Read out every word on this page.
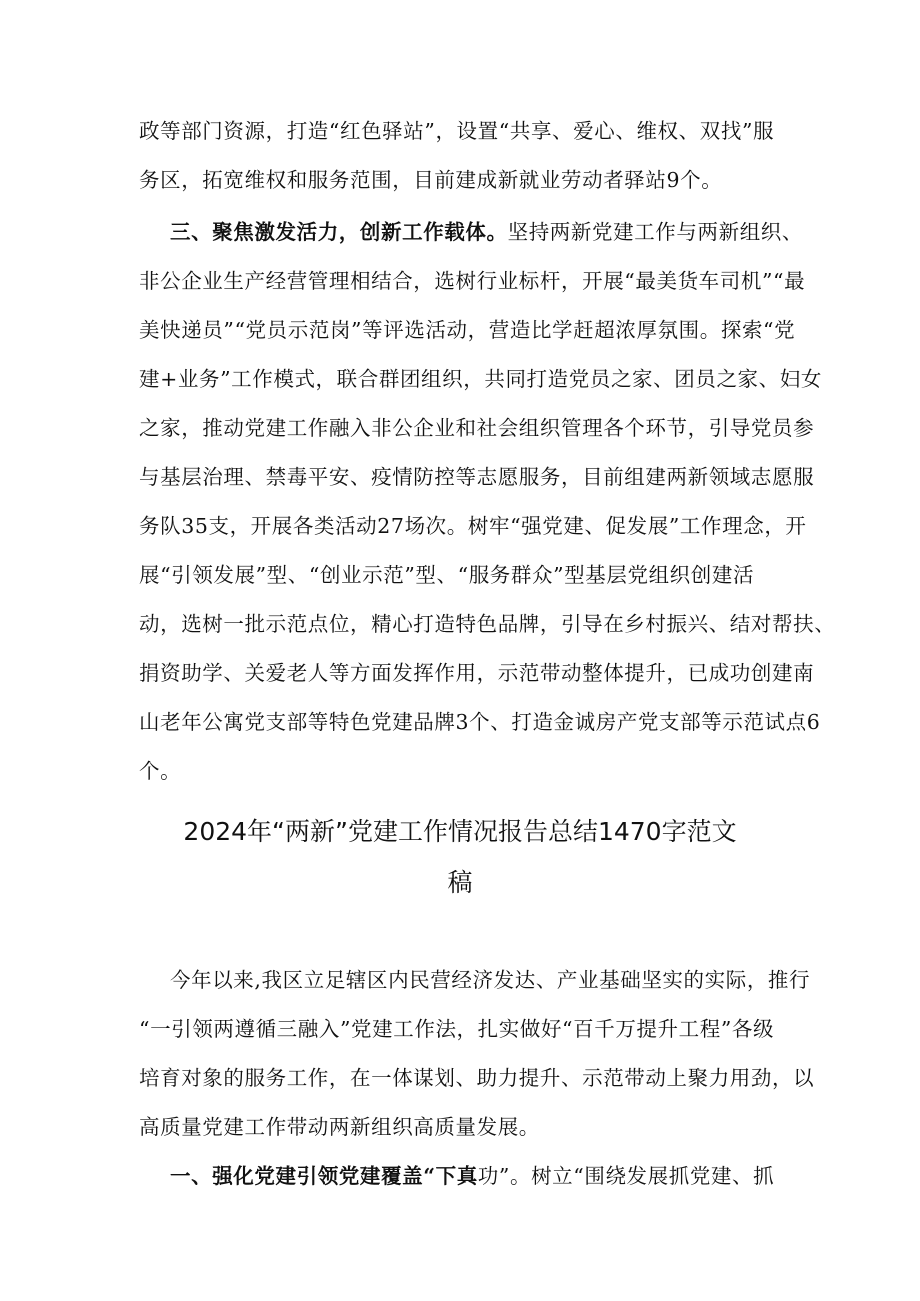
政等部门资源，打造“红色驿站”，设置“共享、爱心、维权、双找”服
务区，拓宽维权和服务范围，目前建成新就业劳动者驿站9个。
三、聚焦激发活力，创新工作载体。坚持两新党建工作与两新组织、
非公企业生产经营管理相结合，选树行业标杆，开展“最美货车司机”“最
美快递员”“党员示范岗”等评选活动，营造比学赶超浓厚氛围。探索“党
建+业务”工作模式，联合群团组织，共同打造党员之家、团员之家、妇女
之家，推动党建工作融入非公企业和社会组织管理各个环节，引导党员参
与基层治理、禁毒平安、疫情防控等志愿服务，目前组建两新领域志愿服
务队35支，开展各类活动27场次。树牢“强党建、促发展”工作理念，开
展“引领发展”型、“创业示范”型、“服务群众”型基层党组织创建活
动，选树一批示范点位，精心打造特色品牌，引导在乡村振兴、结对帮扶、
捐资助学、关爱老人等方面发挥作用，示范带动整体提升，已成功创建南
山老年公寓党支部等特色党建品牌3个、打造金诚房产党支部等示范试点6
个。
2024年“两新”党建工作情况报告总结1470字范文
稿
今年以来,我区立足辖区内民营经济发达、产业基础坚实的实际，推行
“一引领两遵循三融入”党建工作法，扎实做好“百千万提升工程”各级
培育对象的服务工作，在一体谋划、助力提升、示范带动上聚力用劲，以
高质量党建工作带动两新组织高质量发展。
一、强化党建引领党建覆盖“下真功”。树立“围绕发展抓党建、抓
